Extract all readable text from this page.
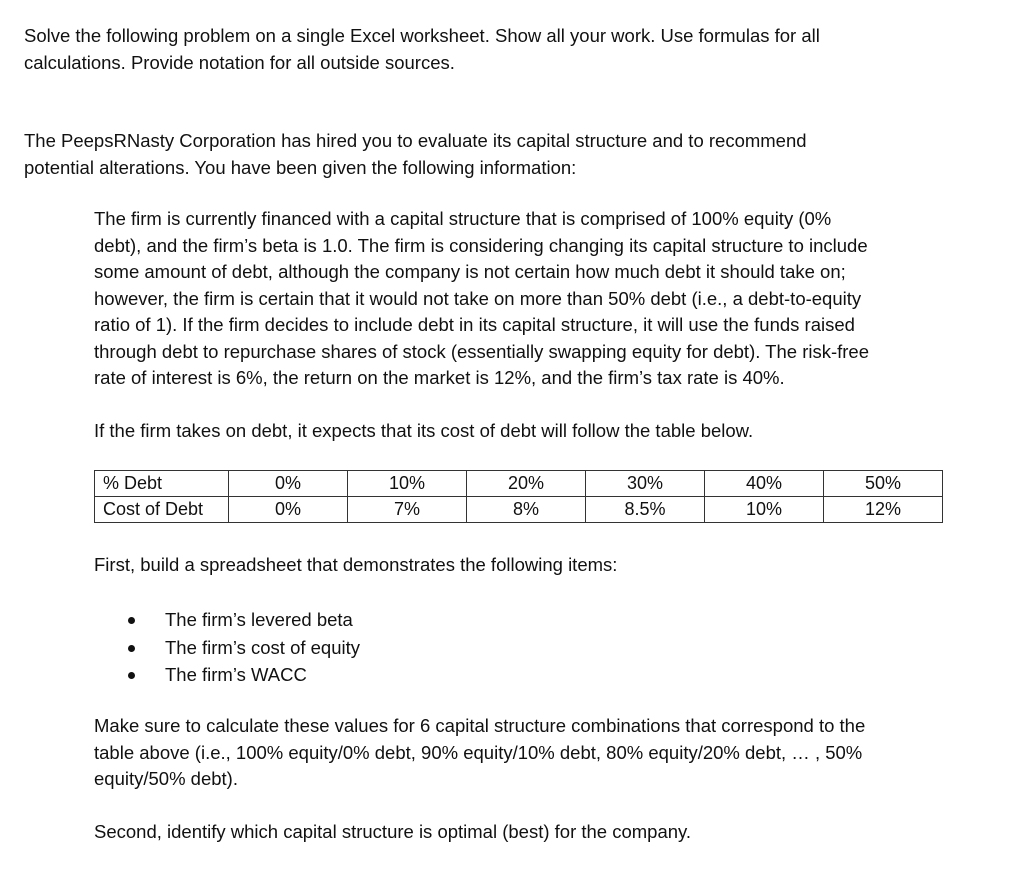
Solve the following problem on a single Excel worksheet. Show all your work. Use formulas for all
calculations. Provide notation for all outside sources.

The PeepsRNasty Corporation has hired you to evaluate its capital structure and to recommend
potential alterations. You have been given the following information:

The firm is currently financed with a capital structure that is comprised of 100% equity (0%
debt), and the firm’s beta is 1.0. The firm is considering changing its capital structure to include
some amount of debt, although the company is not certain how much debt it should take on;
however, the firm is certain that it would not take on more than 50% debt (i.e., a debt-to-equity
ratio of 1). If the firm decides to include debt in its capital structure, it will use the funds raised
through debt to repurchase shares of stock (essentially swapping equity for debt). The risk-free
rate of interest is 6%, the return on the market is 12%, and the firm’s tax rate is 40%.

If the firm takes on debt, it expects that its cost of debt will follow the table below.

% Debt	0%	10%	20%	30%	40%	50%
Cost of Debt	0%	7%	8%	8.5%	10%	12%

First, build a spreadsheet that demonstrates the following items:

The firm’s levered beta
The firm’s cost of equity
The firm’s WACC

Make sure to calculate these values for 6 capital structure combinations that correspond to the
table above (i.e., 100% equity/0% debt, 90% equity/10% debt, 80% equity/20% debt, … , 50%
equity/50% debt).

Second, identify which capital structure is optimal (best) for the company.
